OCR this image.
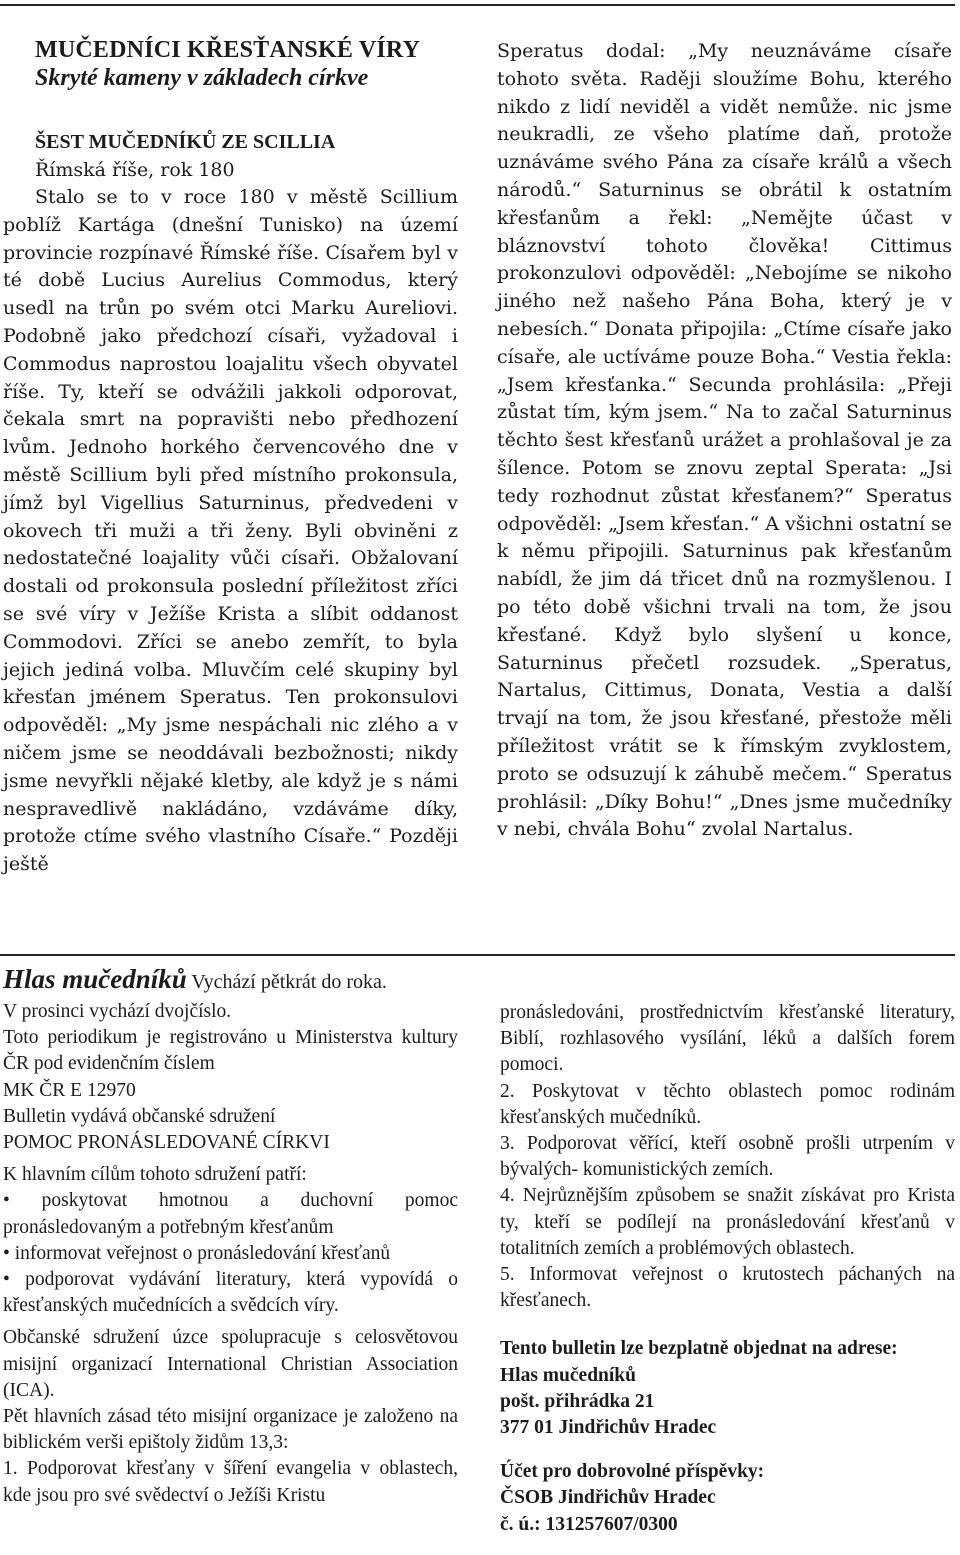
MUČEDNÍCI KŘESŤANSKÉ VÍRY
Skryté kameny v základech církve
ŠEST MUČEDNÍKŮ ZE SCILLIA
Římská říše, rok 180
Stalo se to v roce 180 v městě Scillium poblíž Kartága (dnešní Tunisko) na území provincie rozpínavé Římské říše. Císařem byl v té době Lucius Aurelius Commodus, který usedl na trůn po svém otci Marku Aureliovi. Podobně jako předchozí císaři, vyžadoval i Commodus naprostou loajalitu všech obyvatel říše. Ty, kteří se odvážili jakkoli odporovat, čekala smrt na popravišti nebo předhození lvům. Jednoho horkého červencového dne v městě Scillium byli před místního prokonsula, jímž byl Vigellius Saturninus, předvedeni v okovech tři muži a tři ženy. Byli obviněni z nedostatečné loajality vůči císaři. Obžalovaní dostali od prokonsula poslední příležitost zříci se své víry v Ježíše Krista a slíbit oddanost Commodovi. Zříci se anebo zemřít, to byla jejich jediná volba. Mluvčím celé skupiny byl křesťan jménem Speratus. Ten prokonsulovi odpověděl: „My jsme nespáchali nic zlého a v ničem jsme se neoddávali bezbožnosti; nikdy jsme nevyřkli nějaké kletby, ale když je s námi nespravedlivě nakládáno, vzdáváme díky, protože ctíme svého vlastního Císaře.“ Později ještě
Speratus dodal: „My neuznáváme císaře tohoto světa. Raději sloužíme Bohu, kterého nikdo z lidí neviděl a vidět nemůže. nic jsme neukradli, ze všeho platíme daň, protože uznáváme svého Pána za císaře králů a všech národů.“ Saturninus se obrátil k ostatním křesťanům a řekl: „Nemějte účast v bláznovství tohoto člověka! Cittimus prokonzulovi odpověděl: „Nebojíme se nikoho jiného než našeho Pána Boha, který je v nebesích.“ Donata připojila: „Ctíme císaře jako císaře, ale uctíváme pouze Boha.“ Vestia řekla: „Jsem křesťanka.“ Secunda prohlásila: „Přeji zůstat tím, kým jsem.“ Na to začal Saturninus těchto šest křesťanů urážet a prohlašoval je za šílence. Potom se znovu zeptal Sperata: „Jsi tedy rozhodnut zůstat křesťanem?“ Speratus odpověděl: „Jsem křesťan.“ A všichni ostatní se k němu připojili. Saturninus pak křesťanům nabídl, že jim dá třicet dnů na rozmyšlenou. I po této době všichni trvali na tom, že jsou křesťané. Když bylo slyšení u konce, Saturninus přečetl rozsudek. „Speratus, Nartalus, Cittimus, Donata, Vestia a další trvají na tom, že jsou křesťané, přestože měli příležitost vrátit se k římským zvyklostem, proto se odsuzují k záhubě mečem.“ Speratus prohlásil: „Díky Bohu!“ „Dnes jsme mučedníky v nebi, chvála Bohu“ zvolal Nartalus.
Hlas mučedníků Vychází pětkrát do roka.
V prosinci vychází dvojčíslo.
Toto periodikum je registrováno u Ministerstva kultury ČR pod evidenčním číslem
MK ČR E 12970
Bulletin vydává občanské sdružení
POMOC PRONÁSLEDOVANÉ CÍRKVI
K hlavním cílům tohoto sdružení patří:
• poskytovat hmotnou a duchovní pomoc pronásledovaným a potřebným křesťanům
• informovat veřejnost o pronásledování křesťanů
• podporovat vydávání literatury, která vypovídá o křesťanských mučednících a svědcích víry.
Občanské sdružení úzce spolupracuje s celosvětovou misijní organizací International Christian Association (ICA).
Pět hlavních zásad této misijní organizace je založeno na biblickém verši epištoly židům 13,3:
1. Podporovat křesťany v šíření evangelia v oblastech, kde jsou pro své svědectví o Ježíši Kristu
pronásledováni, prostřednictvím křesťanské literatury, Biblí, rozhlasového vysílání, léků a dalších forem pomoci.
2. Poskytovat v těchto oblastech pomoc rodinám křesťanských mučedníků.
3. Podporovat věřící, kteří osobně prošli utrpením v bývalých- komunistických zemích.
4. Nejrůznějším způsobem se snažit získávat pro Krista ty, kteří se podílejí na pronásledování křesťanů v totalitních zemích a problémových oblastech.
5. Informovat veřejnost o krutostech páchaných na křesťanech.
Tento bulletin lze bezplatně objednat na adrese:
Hlas mučedníků
pošt. přihrádka 21
377 01 Jindřichův Hradec
Účet pro dobrovolné příspěvky:
ČSOB Jindřichův Hradec
č. ú.: 131257607/0300
